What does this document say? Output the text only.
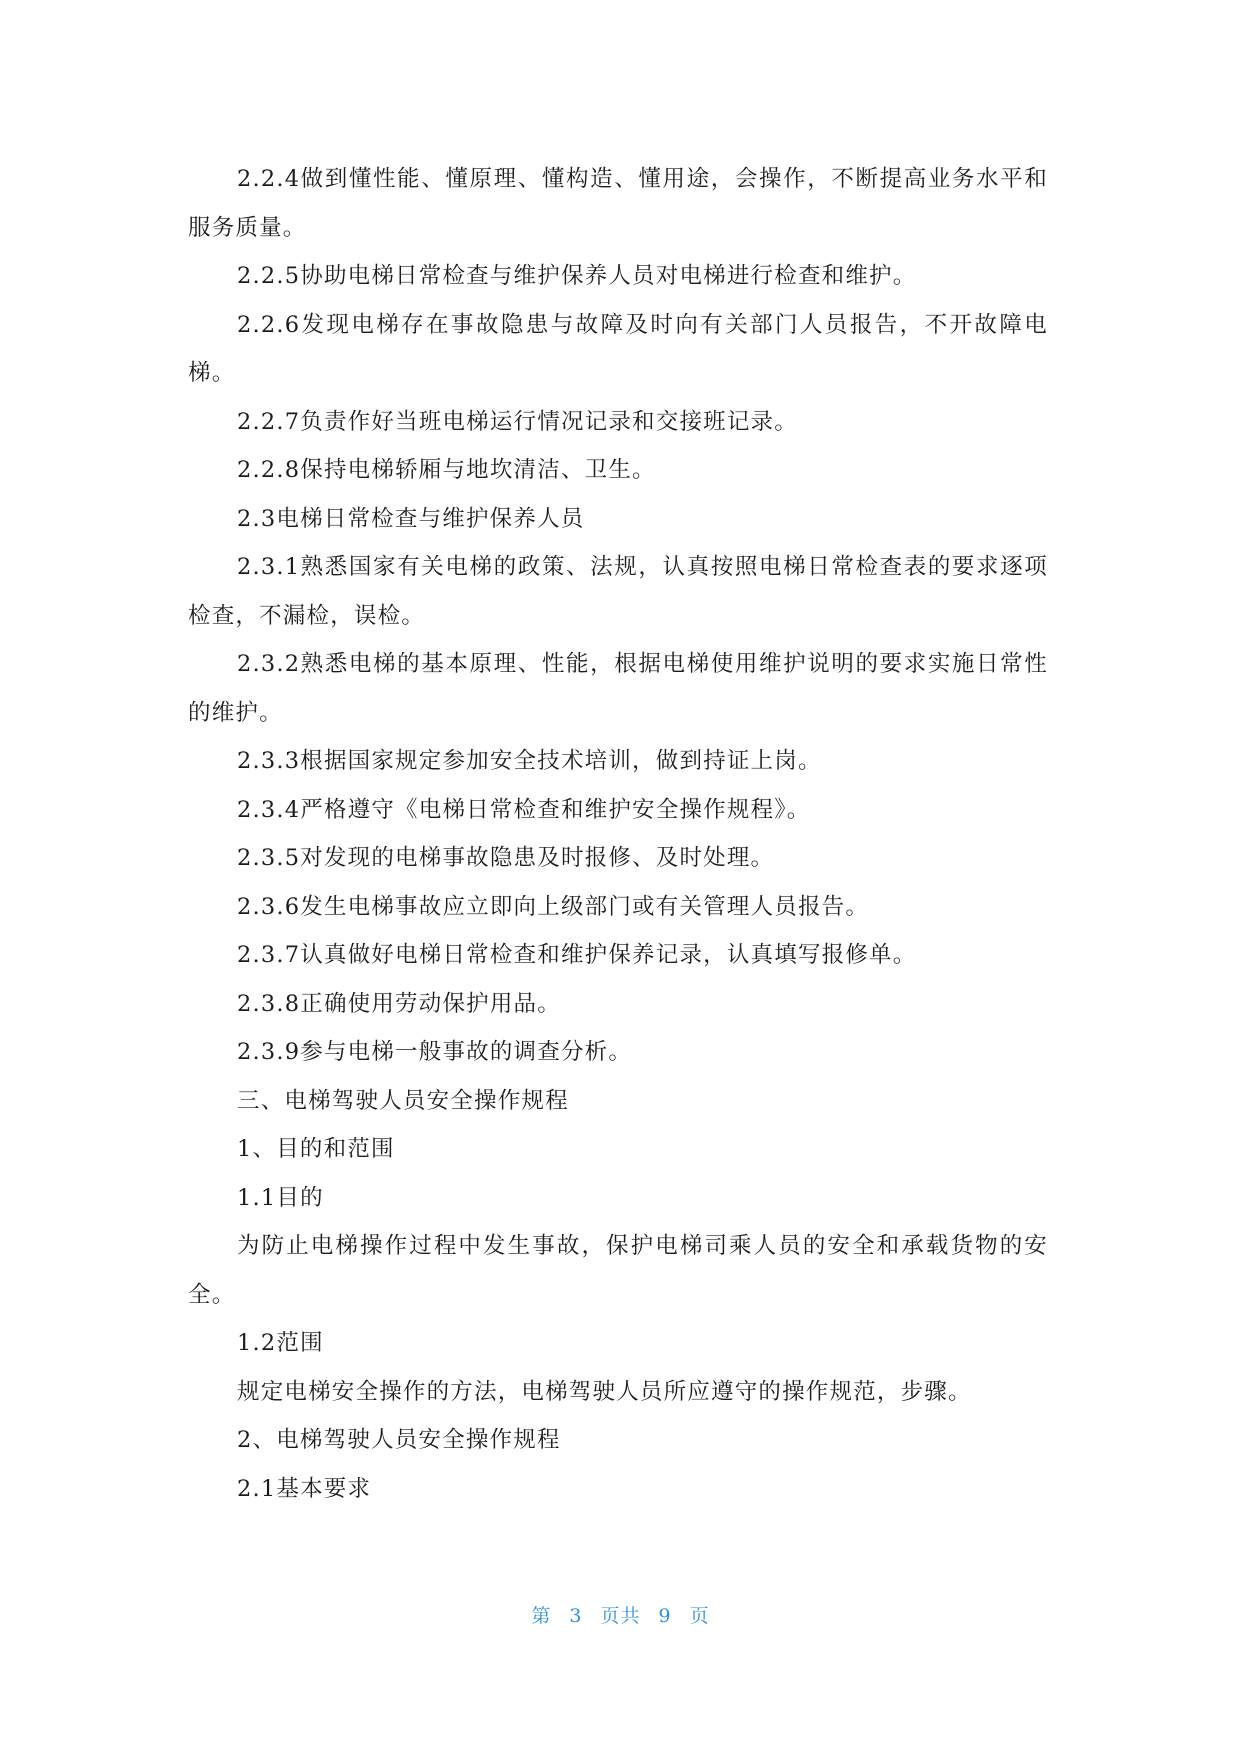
2.2.4做到懂性能、懂原理、懂构造、懂用途，会操作，不断提高业务水平和服务质量。

2.2.5协助电梯日常检查与维护保养人员对电梯进行检查和维护。

2.2.6发现电梯存在事故隐患与故障及时向有关部门人员报告，不开故障电梯。

2.2.7负责作好当班电梯运行情况记录和交接班记录。

2.2.8保持电梯轿厢与地坎清洁、卫生。

2.3电梯日常检查与维护保养人员

2.3.1熟悉国家有关电梯的政策、法规，认真按照电梯日常检查表的要求逐项检查，不漏检，误检。

2.3.2熟悉电梯的基本原理、性能，根据电梯使用维护说明的要求实施日常性的维护。

2.3.3根据国家规定参加安全技术培训，做到持证上岗。

2.3.4严格遵守《电梯日常检查和维护安全操作规程》。

2.3.5对发现的电梯事故隐患及时报修、及时处理。

2.3.6发生电梯事故应立即向上级部门或有关管理人员报告。

2.3.7认真做好电梯日常检查和维护保养记录，认真填写报修单。

2.3.8正确使用劳动保护用品。

2.3.9参与电梯一般事故的调查分析。

三、电梯驾驶人员安全操作规程

1、目的和范围

1.1目的

为防止电梯操作过程中发生事故，保护电梯司乘人员的安全和承载货物的安全。

1.2范围

规定电梯安全操作的方法，电梯驾驶人员所应遵守的操作规范，步骤。

2、电梯驾驶人员安全操作规程

2.1基本要求

第 3 页共 9 页
